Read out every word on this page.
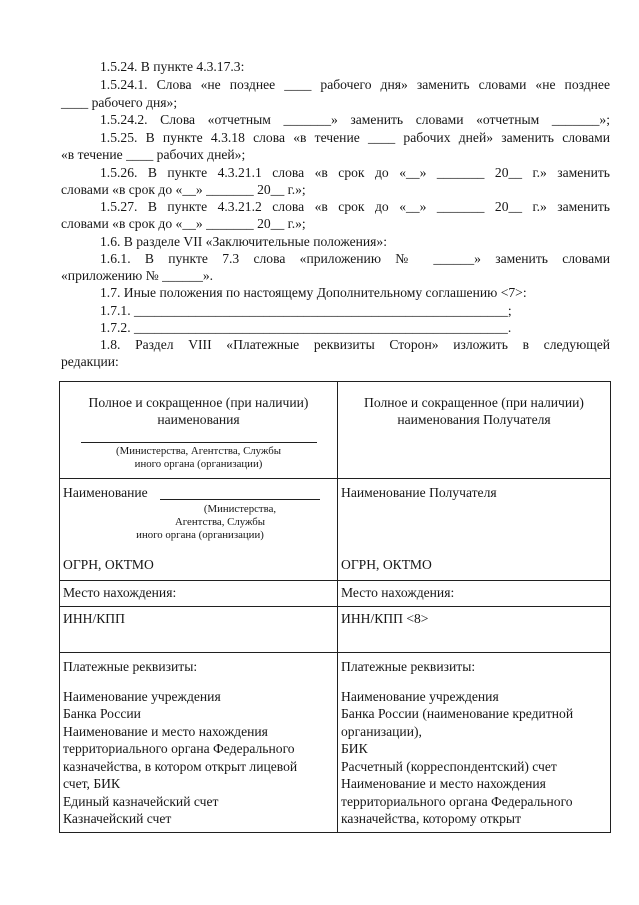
1.5.24. В пункте 4.3.17.3:
1.5.24.1. Слова «не позднее ____ рабочего дня» заменить словами «не позднее
____ рабочего дня»;
1.5.24.2. Слова «отчетным _______» заменить словами «отчетным _______»;
1.5.25. В пункте 4.3.18 слова «в течение ____ рабочих дней» заменить словами
«в течение ____ рабочих дней»;
1.5.26. В пункте 4.3.21.1 слова «в срок до «__» _______ 20__ г.» заменить
словами «в срок до «__» _______ 20__ г.»;
1.5.27. В пункте 4.3.21.2 слова «в срок до «__» _______ 20__ г.» заменить
словами «в срок до «__» _______ 20__ г.»;
1.6. В разделе VII «Заключительные положения»:
1.6.1. В пункте 7.3 слова «приложению № ______» заменить словами
«приложению № ______».
1.7. Иные положения по настоящему Дополнительному соглашению <7>:
1.7.1. _______________________________________________________;
1.7.2. _______________________________________________________.
1.8. Раздел VIII «Платежные реквизиты Сторон» изложить в следующей
редакции:
Полное и сокращенное (при наличии)
наименования
(Министерства, Агентства, Службы
иного органа (организации)
Полное и сокращенное (при наличии)
наименования Получателя
Наименование
(Министерства,
Агентства, Службы
иного органа (организации)
ОГРН, ОКТМО
Наименование Получателя
ОГРН, ОКТМО
Место нахождения:	Место нахождения:
ИНН/КПП	ИНН/КПП <8>
Платежные реквизиты:
Наименование учреждения
Банка России
Наименование и место нахождения
территориального органа Федерального
казначейства, в котором открыт лицевой
счет, БИК
Единый казначейский счет
Казначейский счет
Платежные реквизиты:
Наименование учреждения
Банка России (наименование кредитной
организации),
БИК
Расчетный (корреспондентский) счет
Наименование и место нахождения
территориального органа Федерального
казначейства, которому открыт
